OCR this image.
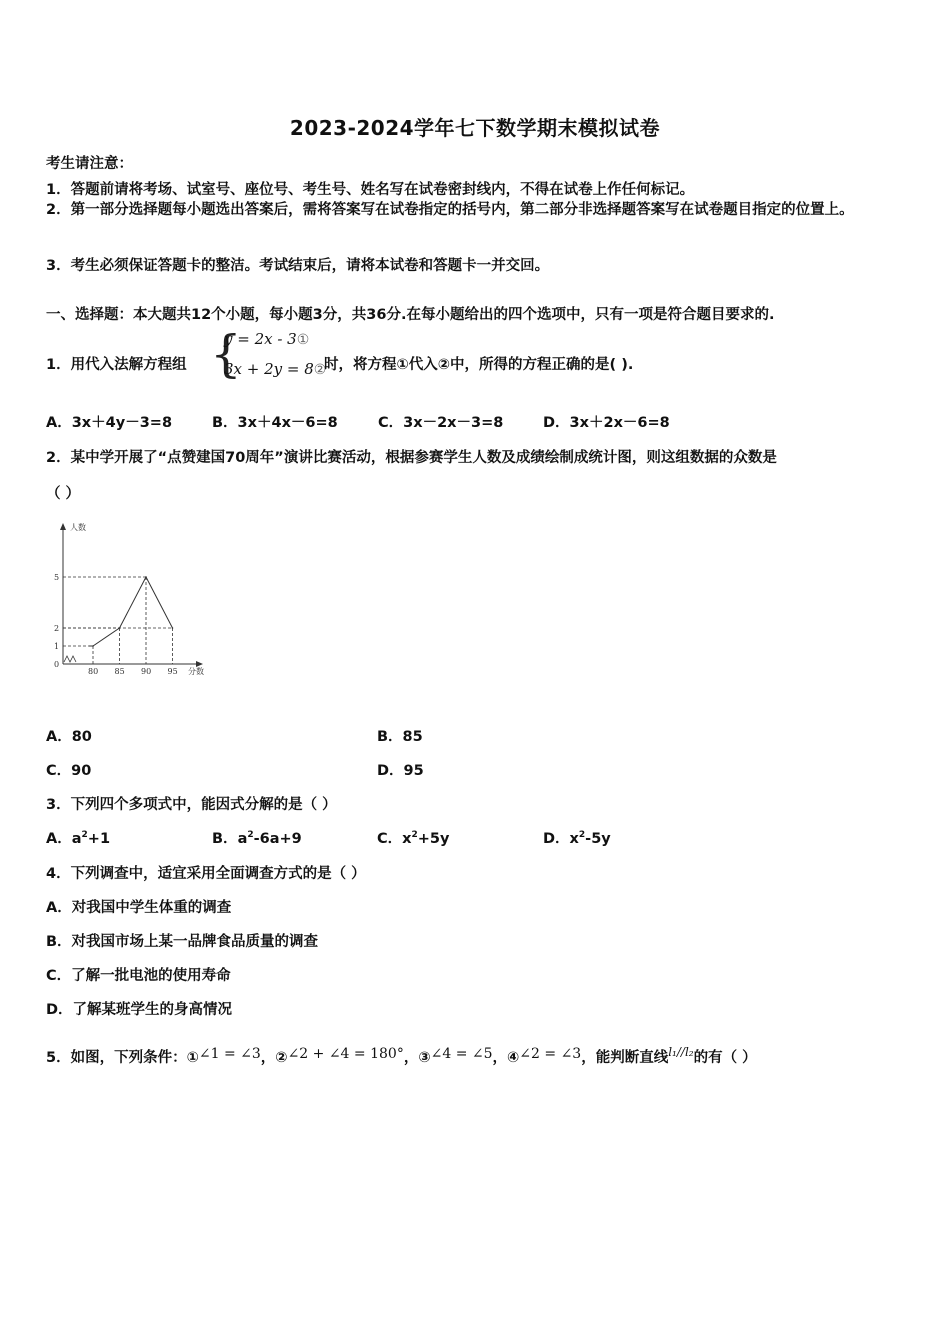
2023-2024学年七下数学期末模拟试卷
考生请注意：
1．答题前请将考场、试室号、座位号、考生号、姓名写在试卷密封线内，不得在试卷上作任何标记。
2．第一部分选择题每小题选出答案后，需将答案写在试卷指定的括号内，第二部分非选择题答案写在试卷题目指定的位置上。
3．考生必须保证答题卡的整洁。考试结束后，请将本试卷和答题卡一并交回。
一、选择题：本大题共12个小题，每小题3分，共36分.在每小题给出的四个选项中，只有一项是符合题目要求的.
1．用代入法解方程组 {
y = 2x - 3①
3x + 2y = 8②
时，将方程①代入②中，所得的方程正确的是( ).
A．3x＋4y－3=8	B．3x＋4x－6=8	C．3x－2x－3=8	D．3x＋2x－6=8
2．某中学开展了“点赞建国70周年”演讲比赛活动，根据参赛学生人数及成绩绘制成统计图，则这组数据的众数是
（ ）
人数
分数
80 85 90 95
0
1
2
5
A．80	B．85
C．90	D．95
3．下列四个多项式中，能因式分解的是（ ）
A．$a^2+1$	B．$a^2-6a+9$	C．$x^2+5y$	D．$x^2-5y$
4．下列调查中，适宜采用全面调查方式的是（ ）
A．对我国中学生体重的调查
B．对我国市场上某一品牌食品质量的调查
C．了解一批电池的使用寿命
D．了解某班学生的身高情况
5．如图，下列条件：①∠1 = ∠3，②∠2 + ∠4 = 180°，③∠4 = ∠5，④∠2 = ∠3，能判断直线$^{l_1//l_2}$的有（ ）
